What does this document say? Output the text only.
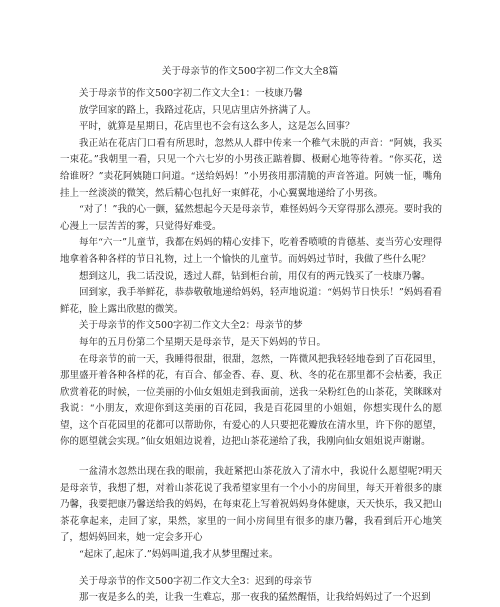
关于母亲节的作文500字初二作文大全8篇

关于母亲节的作文500字初二作文大全1：一枝康乃馨

放学回家的路上，我路过花店，只见店里店外挤满了人。

平时，就算是星期日，花店里也不会有这么多人，这是怎么回事？

我正站在花店门口看有所思时，忽然从人群中传来一个稚气未脱的声音：“阿姨，我买一束花。”我朝里一看，只见一个六七岁的小男孩正踮着脚、极耐心地等待着。“你买花，送给谁呀？”卖花阿姨随口问道。“送给妈妈！”小男孩用那清脆的声音答道。阿姨一怔，嘴角挂上一丝淡淡的微笑，然后精心包扎好一束鲜花，小心翼翼地递给了小男孩。

“对了！”我的心一颤，猛然想起今天是母亲节，难怪妈妈今天穿得那么漂亮。要时我的心漫上一层苦苦的雾，只觉得好难受。

每年“六一”儿童节，我都在妈妈的精心安排下，吃着香喷喷的肯德基、麦当劳心安理得地拿着各种各样的节日礼物，过上一个愉快的儿童节。而妈妈过节时，我做了些什么呢？

想到这儿，我二话没说，透过人群，钻到柜台前，用仅有的两元钱买了一枝康乃馨。

回到家，我手举鲜花，恭恭敬敬地递给妈妈，轻声地说道：“妈妈节日快乐！”妈妈看看鲜花，脸上露出欣慰的微笑。

关于母亲节的作文500字初二作文大全2：母亲节的梦

每年的五月份第二个星期天是母亲节，是天下妈妈的节日。

在母亲节的前一天，我睡得很甜，很甜，忽然，一阵微风把我轻轻地卷到了百花园里，那里盛开着各种各样的花，有百合、郁金香、春、夏、秋、冬的花在那里都不会枯萎，我正欣赏着花的时候，一位美丽的小仙女姐姐走到我面前，送我一朵粉红色的山茶花，笑眯眯对我说：“小朋友，欢迎你到这美丽的百花园，我是百花园里的小姐姐，你想实现什么的愿望，这个百花园里的花都可以帮助你，有爱心的人只要把花瓣放在清水里，许下你的愿望，你的愿望就会实现。”仙女姐姐边说着，边把山茶花递给了我，我刚向仙女姐姐说声谢谢。

一盆清水忽然出现在我的眼前，我赶紧把山茶花放入了清水中，我说什么愿望呢?明天是母亲节，我想了想，对着山茶花说了我希望家里有一个小小的房间里，每天开着很多的康乃馨，我要把康乃馨送给我的妈妈，在每束花上写着祝妈妈身体健康，天天快乐，我又把山茶花拿起来，走回了家，果然，家里的一间小房间里有很多的康乃馨，我看到后开心地笑了，想妈妈回来，她一定会多开心

“起床了,起床了.”妈妈叫道,我才从梦里醒过来。

关于母亲节的作文500字初二作文大全3：迟到的母亲节

那一夜是多么的美，让我一生难忘，那一夜我的猛然醒悟，让我给妈妈过了一个迟到
